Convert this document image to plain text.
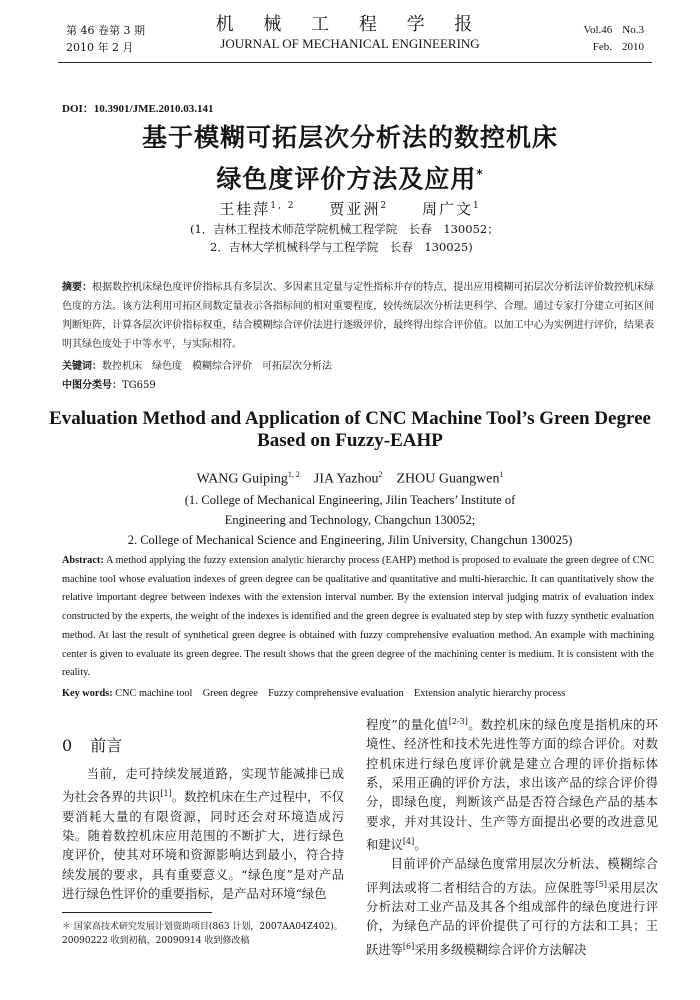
第 46 卷第 3 期
2010 年 2 月
机 械 工 程 学 报
JOURNAL OF MECHANICAL ENGINEERING
Vol.46 No.3
Feb. 2010
DOI：10.3901/JME.2010.03.141
基于模糊可拓层次分析法的数控机床
绿色度评价方法及应用*
王桂萍$^{1, 2}$ 贾亚洲$^2$ 周广文$^1$
(1．吉林工程技术师范学院机械工程学院　长春　130052；
2．吉林大学机械科学与工程学院　长春　130025)
摘要：根据数控机床绿色度评价指标具有多层次、多因素且定量与定性指标并存的特点，提出应用模糊可拓层次分析法评价数控机床绿色度的方法。该方法利用可拓区间数定量表示各指标间的相对重要程度，较传统层次分析法更科学、合理。通过专家打分建立可拓区间判断矩阵，计算各层次评价指标权重，结合模糊综合评价法进行逐级评价，最终得出综合评价值。以加工中心为实例进行评价，结果表明其绿色度处于中等水平，与实际相符。
关键词：数控机床　绿色度　模糊综合评价　可拓层次分析法
中图分类号：TG659
Evaluation Method and Application of CNC Machine Tool’s Green Degree
Based on Fuzzy-EAHP
WANG Guiping$^{1, 2}$ JIA Yazhou$^2$ ZHOU Guangwen$^1$
(1. College of Mechanical Engineering, Jilin Teachers’ Institute of
Engineering and Technology, Changchun 130052;
2. College of Mechanical Science and Engineering, Jilin University, Changchun 130025)
Abstract: A method applying the fuzzy extension analytic hierarchy process (EAHP) method is proposed to evaluate the green degree of CNC machine tool whose evaluation indexes of green degree can be qualitative and quantitative and multi-hierarchic. It can quantitatively show the relative important degree between indexes with the extension interval number. By the extension interval judging matrix of evaluation index constructed by the experts, the weight of the indexes is identified and the green degree is evaluated step by step with fuzzy synthetic evaluation method. At last the result of synthetical green degree is obtained with fuzzy comprehensive evaluation method. An example with machining center is given to evaluate its green degree. The result shows that the green degree of the machining center is medium. It is consistent with the reality.
Key words: CNC machine tool　Green degree　Fuzzy comprehensive evaluation　Extension analytic hierarchy process
0 前言

当前，走可持续发展道路，实现节能减排已成为社会各界的共识[1]。数控机床在生产过程中，不仅要消耗大量的有限资源，同时还会对环境造成污染。随着数控机床应用范围的不断扩大，进行绿色度评价，使其对环境和资源影响达到最小，符合持续发展的要求，具有重要意义。“绿色度”是对产品进行绿色性评价的重要指标，是产品对环境“绿色

程度”的量化值[2-3]。数控机床的绿色度是指机床的环境性、经济性和技术先进性等方面的综合评价。对数控机床进行绿色度评价就是建立合理的评价指标体系，采用正确的评价方法，求出该产品的综合评价得分，即绿色度，判断该产品是否符合绿色产品的基本要求，并对其设计、生产等方面提出必要的改进意见和建议[4]。

目前评价产品绿色度常用层次分析法、模糊综合评判法或将二者相结合的方法。应保胜等[5]采用层次分析法对工业产品及其各个组成部件的绿色度进行评价，为绿色产品的评价提供了可行的方法和工具；王跃进等[6]采用多级模糊综合评价方法解决

＊ 国家高技术研究发展计划资助项目(863 计划，2007AA04Z402)。
20090222 收到初稿，20090914 收到修改稿
